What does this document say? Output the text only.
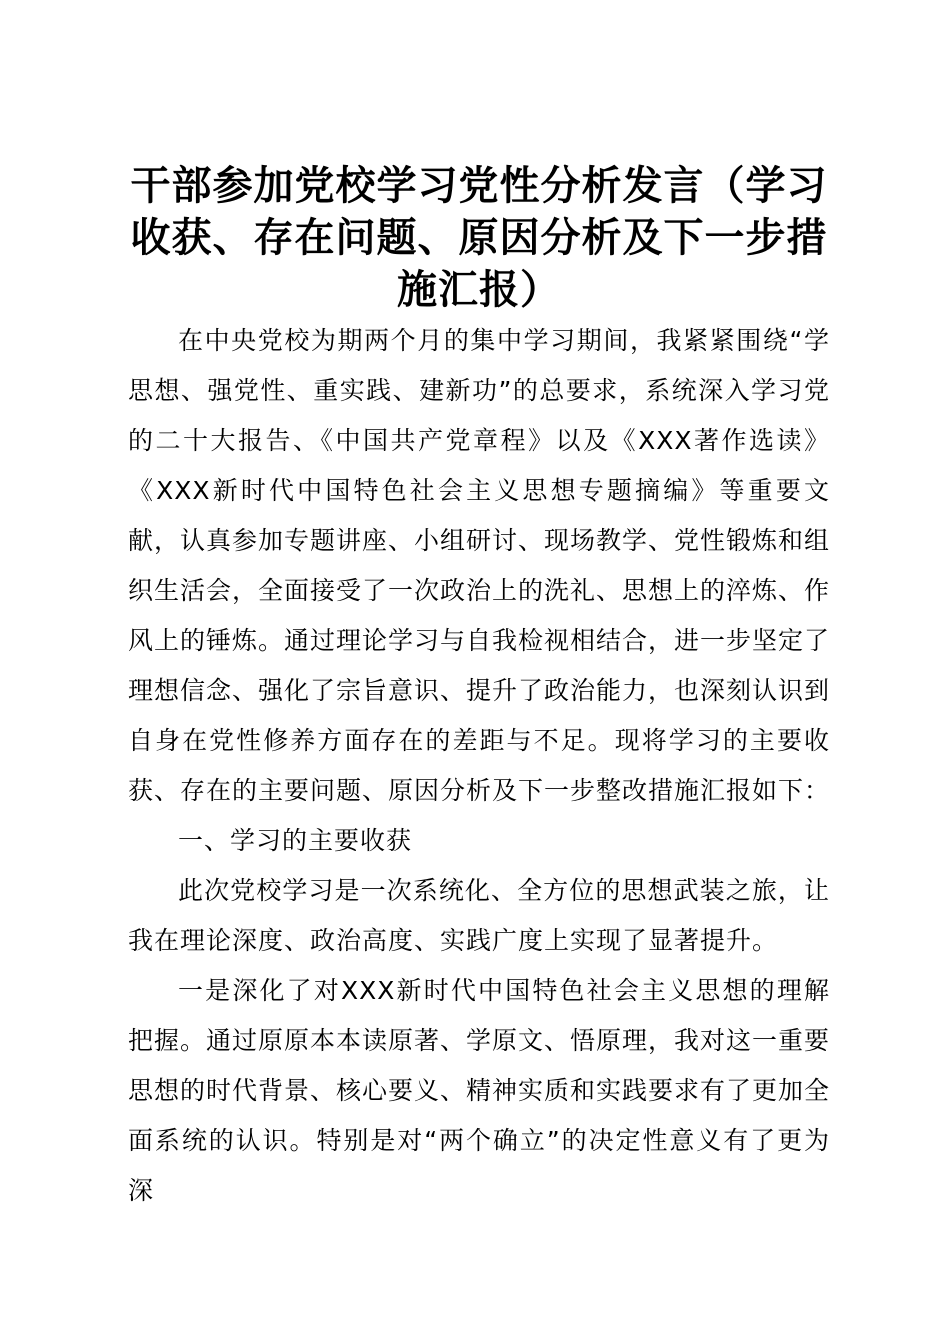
干部参加党校学习党性分析发言（学习收获、存在问题、原因分析及下一步措施汇报）

在中央党校为期两个月的集中学习期间，我紧紧围绕“学思想、强党性、重实践、建新功”的总要求，系统深入学习党的二十大报告、《中国共产党章程》以及《XXX著作选读》《XXX新时代中国特色社会主义思想专题摘编》等重要文献，认真参加专题讲座、小组研讨、现场教学、党性锻炼和组织生活会，全面接受了一次政治上的洗礼、思想上的淬炼、作风上的锤炼。通过理论学习与自我检视相结合，进一步坚定了理想信念、强化了宗旨意识、提升了政治能力，也深刻认识到自身在党性修养方面存在的差距与不足。现将学习的主要收获、存在的主要问题、原因分析及下一步整改措施汇报如下：

一、学习的主要收获

此次党校学习是一次系统化、全方位的思想武装之旅，让我在理论深度、政治高度、实践广度上实现了显著提升。

一是深化了对XXX新时代中国特色社会主义思想的理解把握。通过原原本本读原著、学原文、悟原理，我对这一重要思想的时代背景、核心要义、精神实质和实践要求有了更加全面系统的认识。特别是对“两个确立”的决定性意义有了更为深
